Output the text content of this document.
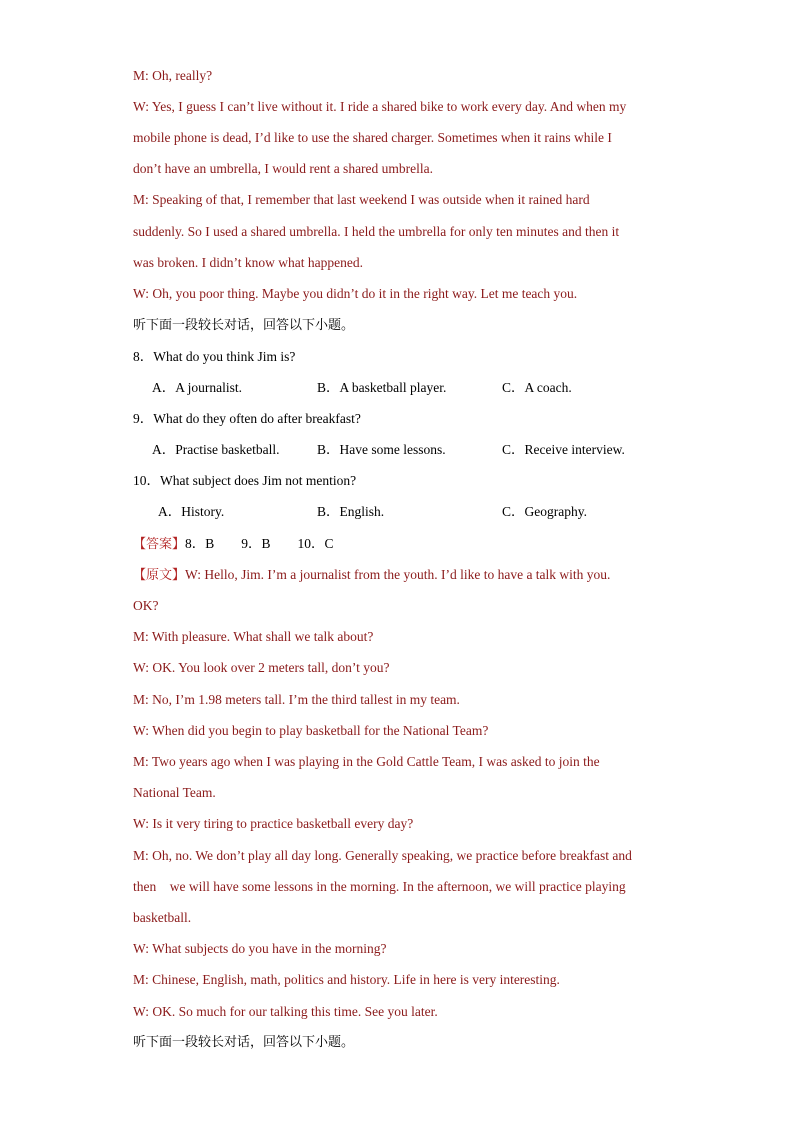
M: Oh, really?
W: Yes, I guess I can’t live without it. I ride a shared bike to work every day. And when my
mobile phone is dead, I’d like to use the shared charger. Sometimes when it rains while I
don’t have an umbrella, I would rent a shared umbrella.
M: Speaking of that, I remember that last weekend I was outside when it rained hard
suddenly. So I used a shared umbrella. I held the umbrella for only ten minutes and then it
was broken. I didn’t know what happened.
W: Oh, you poor thing. Maybe you didn’t do it in the right way. Let me teach you.
听下面一段较长对话，回答以下小题。
8．What do you think Jim is?
A．A journalist.	B．A basketball player.	C．A coach.
9．What do they often do after breakfast?
A．Practise basketball.	B．Have some lessons.	C．Receive interview.
10．What subject does Jim not mention?
A．History.	B．English.	C．Geography.
【答案】8．B　　9．B　　10．C
【原文】W: Hello, Jim. I’m a journalist from the youth. I’d like to have a talk with you.
OK?
M: With pleasure. What shall we talk about?
W: OK. You look over 2 meters tall, don’t you?
M: No, I’m 1.98 meters tall. I’m the third tallest in my team.
W: When did you begin to play basketball for the National Team?
M: Two years ago when I was playing in the Gold Cattle Team, I was asked to join the
National Team.
W: Is it very tiring to practice basketball every day?
M: Oh, no. We don’t play all day long. Generally speaking, we practice before breakfast and
then　we will have some lessons in the morning. In the afternoon, we will practice playing
basketball.
W: What subjects do you have in the morning?
M: Chinese, English, math, politics and history. Life in here is very interesting.
W: OK. So much for our talking this time. See you later.
听下面一段较长对话，回答以下小题。
